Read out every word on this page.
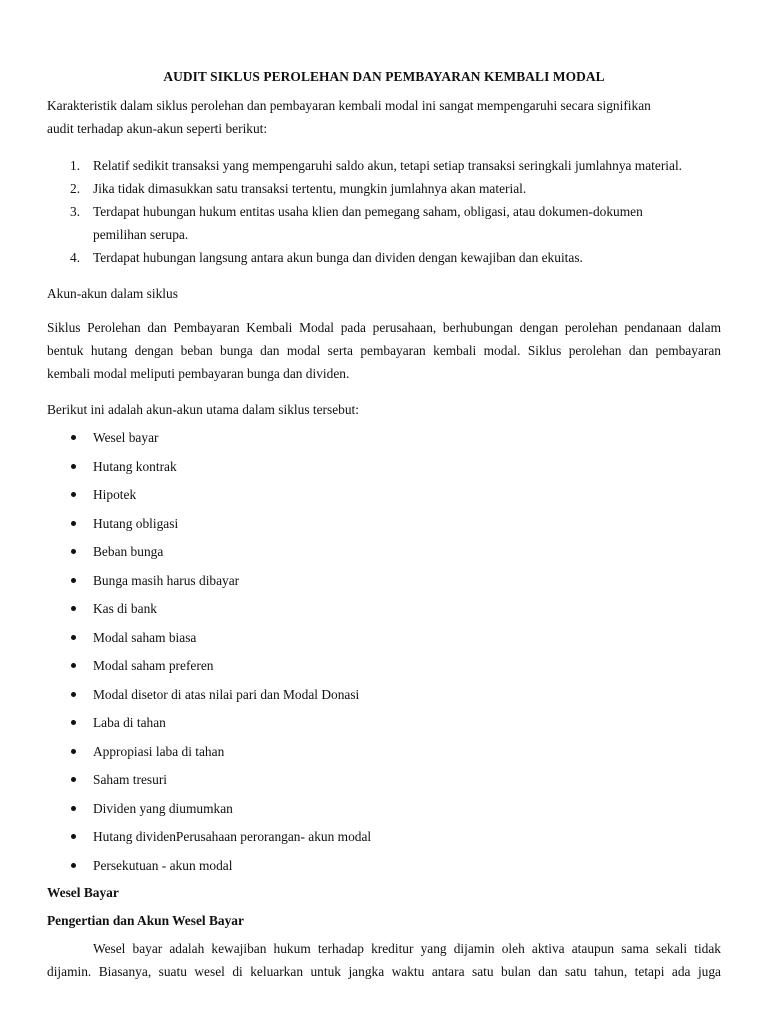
AUDIT SIKLUS PEROLEHAN DAN PEMBAYARAN KEMBALI MODAL
Karakteristik dalam siklus perolehan dan pembayaran kembali modal ini sangat mempengaruhi secara signifikan
audit terhadap akun-akun seperti berikut:
1. Relatif sedikit transaksi yang mempengaruhi saldo akun, tetapi setiap transaksi seringkali jumlahnya material.
2. Jika tidak dimasukkan satu transaksi tertentu, mungkin jumlahnya akan material.
3. Terdapat hubungan hukum entitas usaha klien dan pemegang saham, obligasi, atau dokumen-dokumen
pemilihan serupa.
4. Terdapat hubungan langsung antara akun bunga dan dividen dengan kewajiban dan ekuitas.
Akun-akun dalam siklus
Siklus Perolehan dan Pembayaran Kembali Modal pada perusahaan, berhubungan dengan perolehan pendanaan dalam
bentuk hutang dengan beban bunga dan modal serta pembayaran kembali modal. Siklus perolehan dan pembayaran
kembali modal meliputi pembayaran bunga dan dividen.
Berikut ini adalah akun-akun utama dalam siklus tersebut:
Wesel bayar
Hutang kontrak
Hipotek
Hutang obligasi
Beban bunga
Bunga masih harus dibayar
Kas di bank
Modal saham biasa
Modal saham preferen
Modal disetor di atas nilai pari dan Modal Donasi
Laba di tahan
Appropiasi laba di tahan
Saham tresuri
Dividen yang diumumkan
Hutang dividenPerusahaan perorangan- akun modal
Persekutuan - akun modal
Wesel Bayar
Pengertian dan Akun Wesel Bayar
Wesel bayar adalah kewajiban hukum terhadap kreditur yang dijamin oleh aktiva ataupun sama sekali tidak
dijamin. Biasanya, suatu wesel di keluarkan untuk jangka waktu antara satu bulan dan satu tahun, tetapi ada juga
